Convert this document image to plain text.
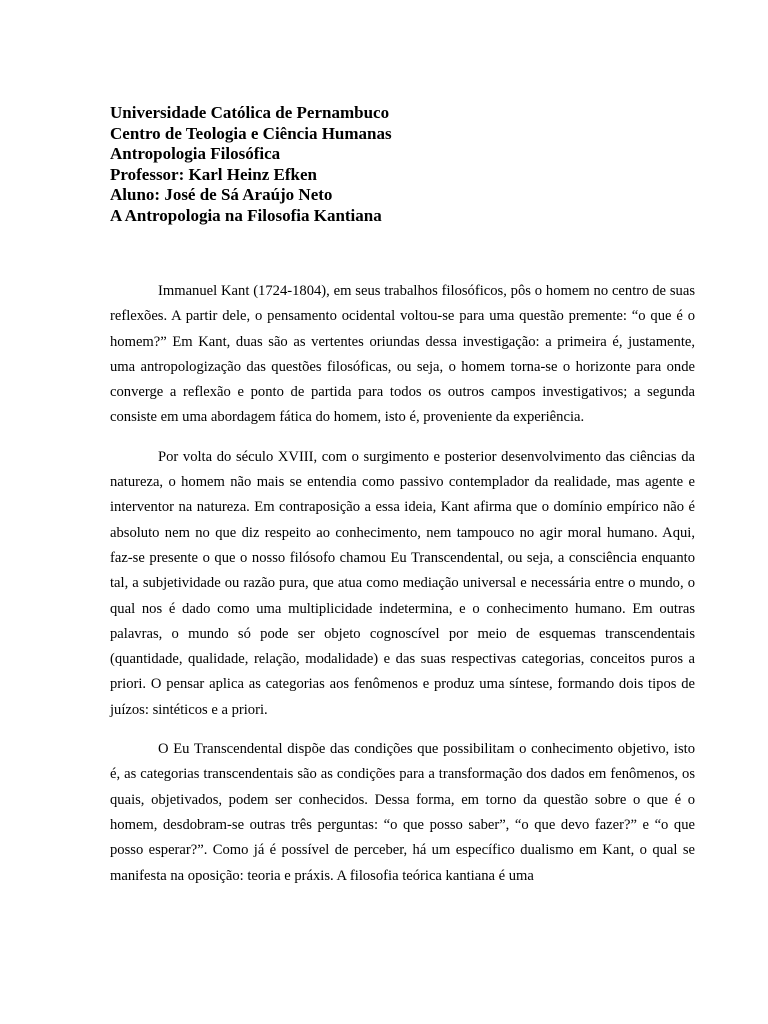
Universidade Católica de Pernambuco
Centro de Teologia e Ciência Humanas
Antropologia Filosófica
Professor: Karl Heinz Efken
Aluno: José de Sá Araújo Neto
A Antropologia na Filosofia Kantiana

Immanuel Kant (1724-1804), em seus trabalhos filosóficos, pôs o homem no centro de suas reflexões. A partir dele, o pensamento ocidental voltou-se para uma questão premente: “o que é o homem?” Em Kant, duas são as vertentes oriundas dessa investigação: a primeira é, justamente, uma antropologização das questões filosóficas, ou seja, o homem torna-se o horizonte para onde converge a reflexão e ponto de partida para todos os outros campos investigativos; a segunda consiste em uma abordagem fática do homem, isto é, proveniente da experiência.

Por volta do século XVIII, com o surgimento e posterior desenvolvimento das ciências da natureza, o homem não mais se entendia como passivo contemplador da realidade, mas agente e interventor na natureza. Em contraposição a essa ideia, Kant afirma que o domínio empírico não é absoluto nem no que diz respeito ao conhecimento, nem tampouco no agir moral humano. Aqui, faz-se presente o que o nosso filósofo chamou Eu Transcendental, ou seja, a consciência enquanto tal, a subjetividade ou razão pura, que atua como mediação universal e necessária entre o mundo, o qual nos é dado como uma multiplicidade indetermina, e o conhecimento humano. Em outras palavras, o mundo só pode ser objeto cognoscível por meio de esquemas transcendentais (quantidade, qualidade, relação, modalidade) e das suas respectivas categorias, conceitos puros a priori. O pensar aplica as categorias aos fenômenos e produz uma síntese, formando dois tipos de juízos: sintéticos e a priori.

O Eu Transcendental dispõe das condições que possibilitam o conhecimento objetivo, isto é, as categorias transcendentais são as condições para a transformação dos dados em fenômenos, os quais, objetivados, podem ser conhecidos. Dessa forma, em torno da questão sobre o que é o homem, desdobram-se outras três perguntas: “o que posso saber”, “o que devo fazer?” e “o que posso esperar?”. Como já é possível de perceber, há um específico dualismo em Kant, o qual se manifesta na oposição: teoria e práxis. A filosofia teórica kantiana é uma
